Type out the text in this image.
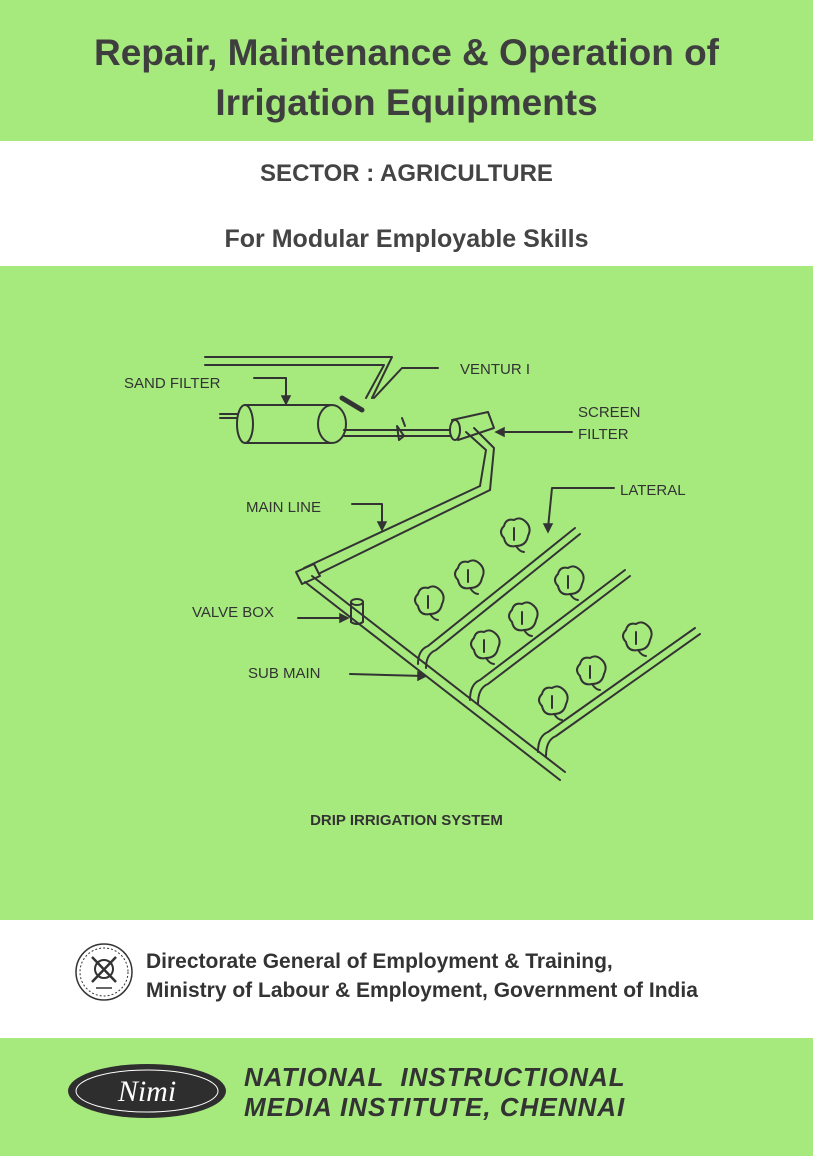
Repair, Maintenance & Operation of
Irrigation Equipments
SECTOR : AGRICULTURE
For Modular Employable Skills
SAND FILTER
VENTUR I
SCREEN
FILTER
MAIN LINE
LATERAL
VALVE BOX
SUB MAIN
DRIP IRRIGATION SYSTEM
Directorate General of Employment & Training,
Ministry of Labour & Employment, Government of India
Nimi	NATIONAL  INSTRUCTIONAL
MEDIA INSTITUTE, CHENNAI
